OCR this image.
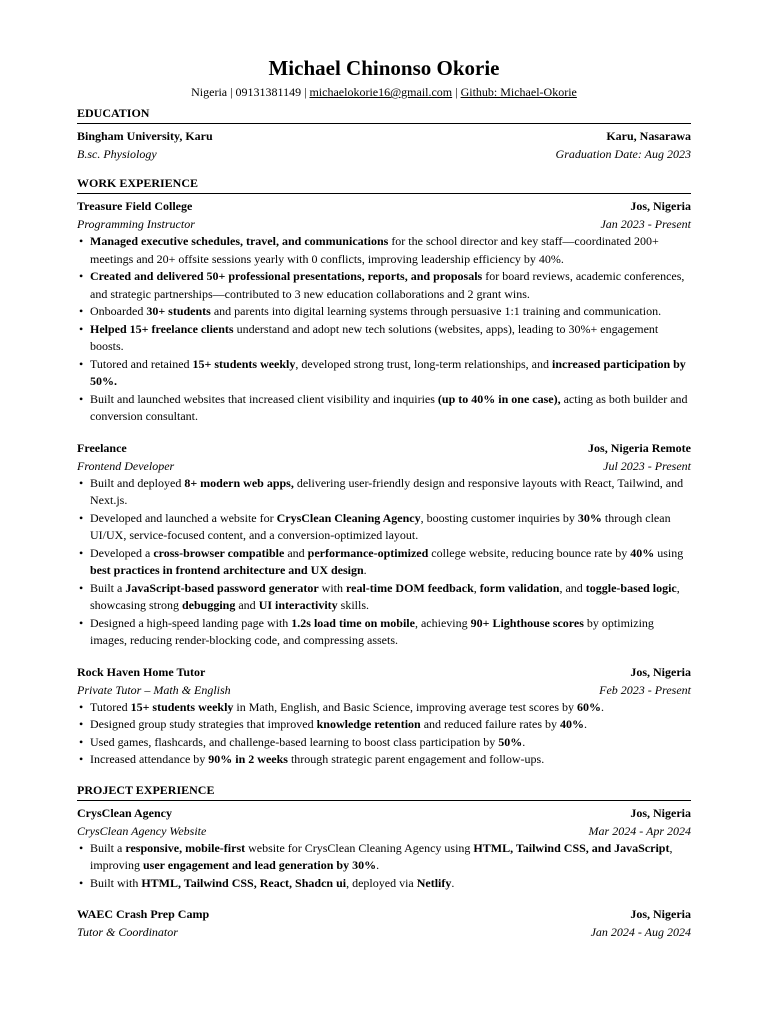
Michael Chinonso Okorie
Nigeria | 09131381149 | michaelokorie16@gmail.com | Github: Michael-Okorie
EDUCATION
Bingham University, Karu	Karu, Nasarawa
B.sc. Physiology	Graduation Date: Aug 2023
WORK EXPERIENCE
Treasure Field College	Jos, Nigeria
Programming Instructor	Jan 2023 - Present
• Managed executive schedules, travel, and communications for the school director and key staff—coordinated 200+ meetings and 20+ offsite sessions yearly with 0 conflicts, improving leadership efficiency by 40%.
• Created and delivered 50+ professional presentations, reports, and proposals for board reviews, academic conferences, and strategic partnerships—contributed to 3 new education collaborations and 2 grant wins.
• Onboarded 30+ students and parents into digital learning systems through persuasive 1:1 training and communication.
• Helped 15+ freelance clients understand and adopt new tech solutions (websites, apps), leading to 30%+ engagement boosts.
• Tutored and retained 15+ students weekly, developed strong trust, long-term relationships, and increased participation by 50%.
• Built and launched websites that increased client visibility and inquiries (up to 40% in one case), acting as both builder and conversion consultant.
Freelance	Jos, Nigeria Remote
Frontend Developer	Jul 2023 - Present
• Built and deployed 8+ modern web apps, delivering user-friendly design and responsive layouts with React, Tailwind, and Next.js.
• Developed and launched a website for CrysClean Cleaning Agency, boosting customer inquiries by 30% through clean UI/UX, service-focused content, and a conversion-optimized layout.
• Developed a cross-browser compatible and performance-optimized college website, reducing bounce rate by 40% using best practices in frontend architecture and UX design.
• Built a JavaScript-based password generator with real-time DOM feedback, form validation, and toggle-based logic, showcasing strong debugging and UI interactivity skills.
• Designed a high-speed landing page with 1.2s load time on mobile, achieving 90+ Lighthouse scores by optimizing images, reducing render-blocking code, and compressing assets.
Rock Haven Home Tutor	Jos, Nigeria
Private Tutor – Math & English	Feb 2023 - Present
• Tutored 15+ students weekly in Math, English, and Basic Science, improving average test scores by 60%.
• Designed group study strategies that improved knowledge retention and reduced failure rates by 40%.
• Used games, flashcards, and challenge-based learning to boost class participation by 50%.
• Increased attendance by 90% in 2 weeks through strategic parent engagement and follow-ups.
PROJECT EXPERIENCE
CrysClean Agency	Jos, Nigeria
CrysClean Agency Website	Mar 2024 - Apr 2024
• Built a responsive, mobile-first website for CrysClean Cleaning Agency using HTML, Tailwind CSS, and JavaScript, improving user engagement and lead generation by 30%.
• Built with HTML, Tailwind CSS, React, Shadcn ui, deployed via Netlify.
WAEC Crash Prep Camp	Jos, Nigeria
Tutor & Coordinator	Jan 2024 - Aug 2024
